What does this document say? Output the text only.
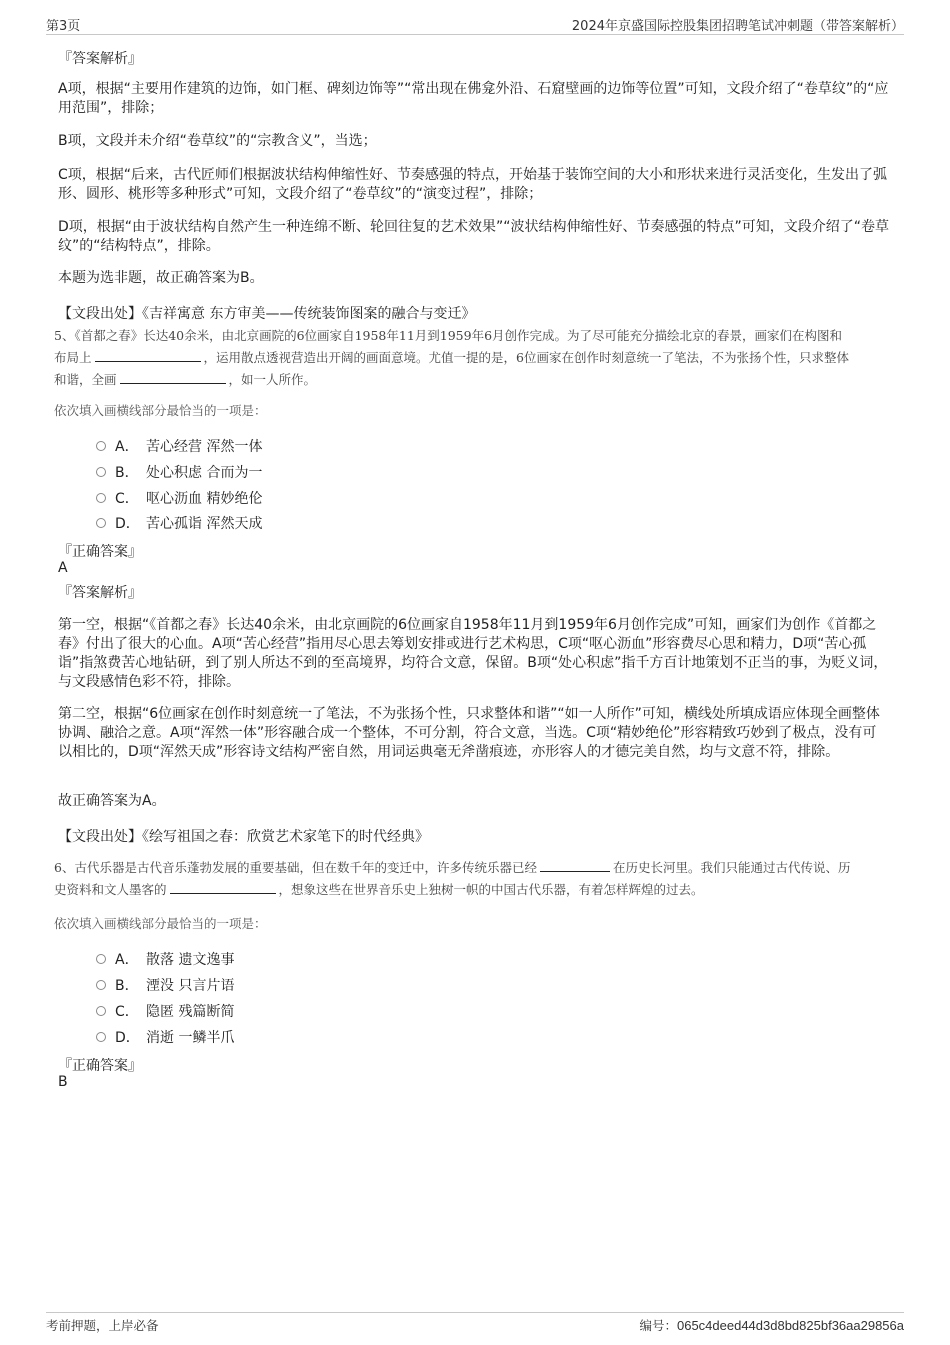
第3页	2024年京盛国际控股集团招聘笔试冲刺题（带答案解析）
『答案解析』
A项，根据“主要用作建筑的边饰，如门框、碑刻边饰等”“常出现在佛龛外沿、石窟壁画的边饰等位置”可知，文段介绍了“卷草纹”的“应用范围”，排除；
B项，文段并未介绍“卷草纹”的“宗教含义”，当选；
C项，根据“后来，古代匠师们根据波状结构伸缩性好、节奏感强的特点，开始基于装饰空间的大小和形状来进行灵活变化，生发出了弧形、圆形、桃形等多种形式”可知，文段介绍了“卷草纹”的“演变过程”，排除；
D项，根据“由于波状结构自然产生一种连绵不断、轮回往复的艺术效果”“波状结构伸缩性好、节奏感强的特点”可知，文段介绍了“卷草纹”的“结构特点”，排除。
本题为选非题，故正确答案为B。
【文段出处】《吉祥寓意 东方审美——传统装饰图案的融合与变迁》
5、《首都之春》长达40余米，由北京画院的6位画家自1958年11月到1959年6月创作完成。为了尽可能充分描绘北京的春景，画家们在构图和
布局上	，运用散点透视营造出开阔的画面意境。尤值一提的是，6位画家在创作时刻意统一了笔法，不为张扬个性，只求整体
和谐，全画	，如一人所作。
依次填入画横线部分最恰当的一项是：
A． 苦心经营 浑然一体
B． 处心积虑 合而为一
C． 呕心沥血 精妙绝伦
D． 苦心孤诣 浑然天成
『正确答案』
A
『答案解析』
第一空，根据“《首都之春》长达40余米，由北京画院的6位画家自1958年11月到1959年6月创作完成”可知，画家们为创作《首都之春》付出了很大的心血。A项“苦心经营”指用尽心思去筹划安排或进行艺术构思，C项“呕心沥血”形容费尽心思和精力，D项“苦心孤诣”指煞费苦心地钻研，到了别人所达不到的至高境界，均符合文意，保留。B项“处心积虑”指千方百计地策划不正当的事，为贬义词，与文段感情色彩不符，排除。
第二空，根据“6位画家在创作时刻意统一了笔法，不为张扬个性，只求整体和谐”“如一人所作”可知，横线处所填成语应体现全画整体协调、融洽之意。A项“浑然一体”形容融合成一个整体，不可分割，符合文意，当选。C项“精妙绝伦”形容精致巧妙到了极点，没有可以相比的，D项“浑然天成”形容诗文结构严密自然，用词运典毫无斧凿痕迹，亦形容人的才德完美自然，均与文意不符，排除。
故正确答案为A。
【文段出处】《绘写祖国之春：欣赏艺术家笔下的时代经典》
6、古代乐器是古代音乐蓬勃发展的重要基础，但在数千年的变迁中，许多传统乐器已经	在历史长河里。我们只能通过古代传说、历
史资料和文人墨客的	，想象这些在世界音乐史上独树一帜的中国古代乐器，有着怎样辉煌的过去。
依次填入画横线部分最恰当的一项是：
A． 散落 遗文逸事
B． 湮没 只言片语
C． 隐匿 残篇断简
D． 消逝 一鳞半爪
『正确答案』
B
考前押题，上岸必备	编号：065c4deed44d3d8bd825bf36aa29856a
